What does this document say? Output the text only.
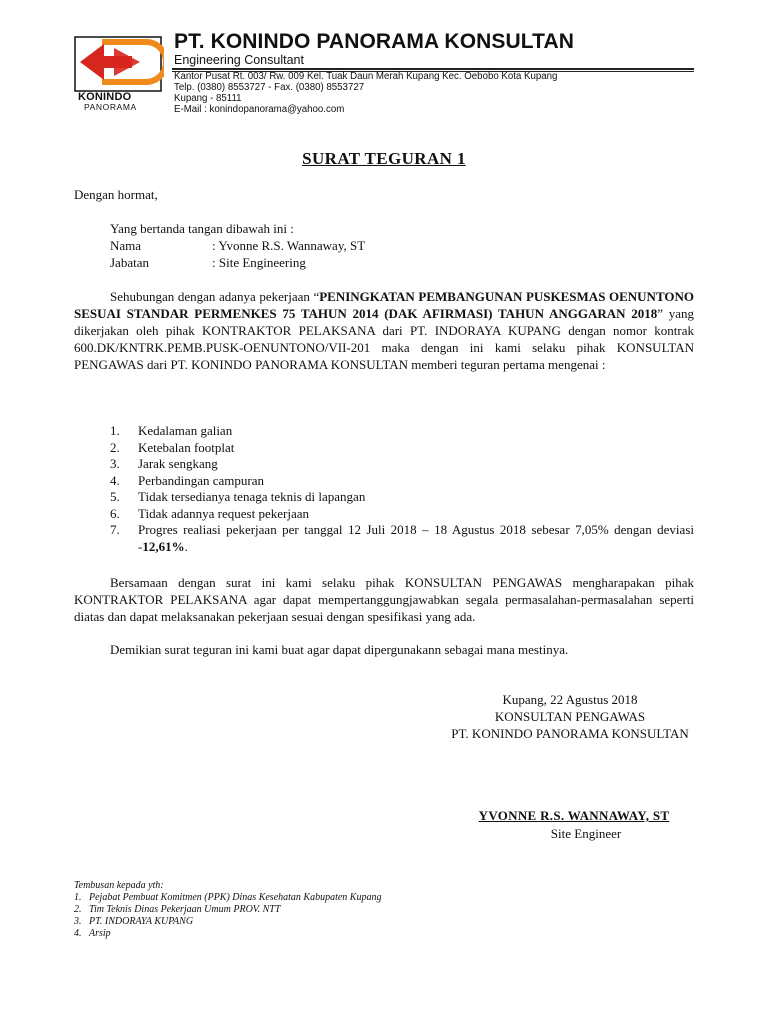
KONINDO
PANORAMA
PT. KONINDO PANORAMA KONSULTAN
Engineering Consultant
Kantor Pusat Rt. 003/ Rw. 009 Kel. Tuak Daun Merah Kupang Kec. Oebobo Kota Kupang
Telp. (0380) 8553727 - Fax. (0380) 8553727
Kupang - 85111
E-Mail : konindopanorama@yahoo.com
SURAT TEGURAN 1
Dengan hormat,
Yang bertanda tangan dibawah ini :
Nama	: Yvonne R.S. Wannaway, ST
Jabatan	: Site Engineering
Sehubungan dengan adanya pekerjaan “PENINGKATAN PEMBANGUNAN PUSKESMAS OENUNTONO SESUAI STANDAR PERMENKES 75 TAHUN 2014 (DAK AFIRMASI) TAHUN ANGGARAN 2018” yang dikerjakan oleh pihak KONTRAKTOR PELAKSANA dari PT. INDORAYA KUPANG dengan nomor kontrak 600.DK/KNTRK.PEMB.PUSK-OENUNTONO/VII-201 maka dengan ini kami selaku pihak KONSULTAN PENGAWAS dari PT. KONINDO PANORAMA KONSULTAN memberi teguran pertama mengenai :
1. Kedalaman galian
2. Ketebalan footplat
3. Jarak sengkang
4. Perbandingan campuran
5. Tidak tersedianya tenaga teknis di lapangan
6. Tidak adannya request pekerjaan
7. Progres realiasi pekerjaan per tanggal 12 Juli 2018 – 18 Agustus 2018 sebesar 7,05% dengan deviasi -12,61%.
Bersamaan dengan surat ini kami selaku pihak KONSULTAN PENGAWAS mengharapakan pihak KONTRAKTOR PELAKSANA agar dapat mempertanggungjawabkan segala permasalahan-permasalahan seperti diatas dan dapat melaksanakan pekerjaan sesuai dengan spesifikasi yang ada.
Demikian surat teguran ini kami buat agar dapat dipergunakann sebagai mana mestinya.
Kupang, 22 Agustus 2018
KONSULTAN PENGAWAS
PT. KONINDO PANORAMA KONSULTAN
YVONNE R.S. WANNAWAY, ST
Site Engineer
Tembusan kepada yth:
1. Pejabat Pembuat Komitmen (PPK) Dinas Kesehatan Kabupaten Kupang
2. Tim Teknis Dinas Pekerjaan Umum PROV. NTT
3. PT. INDORAYA KUPANG
4. Arsip
